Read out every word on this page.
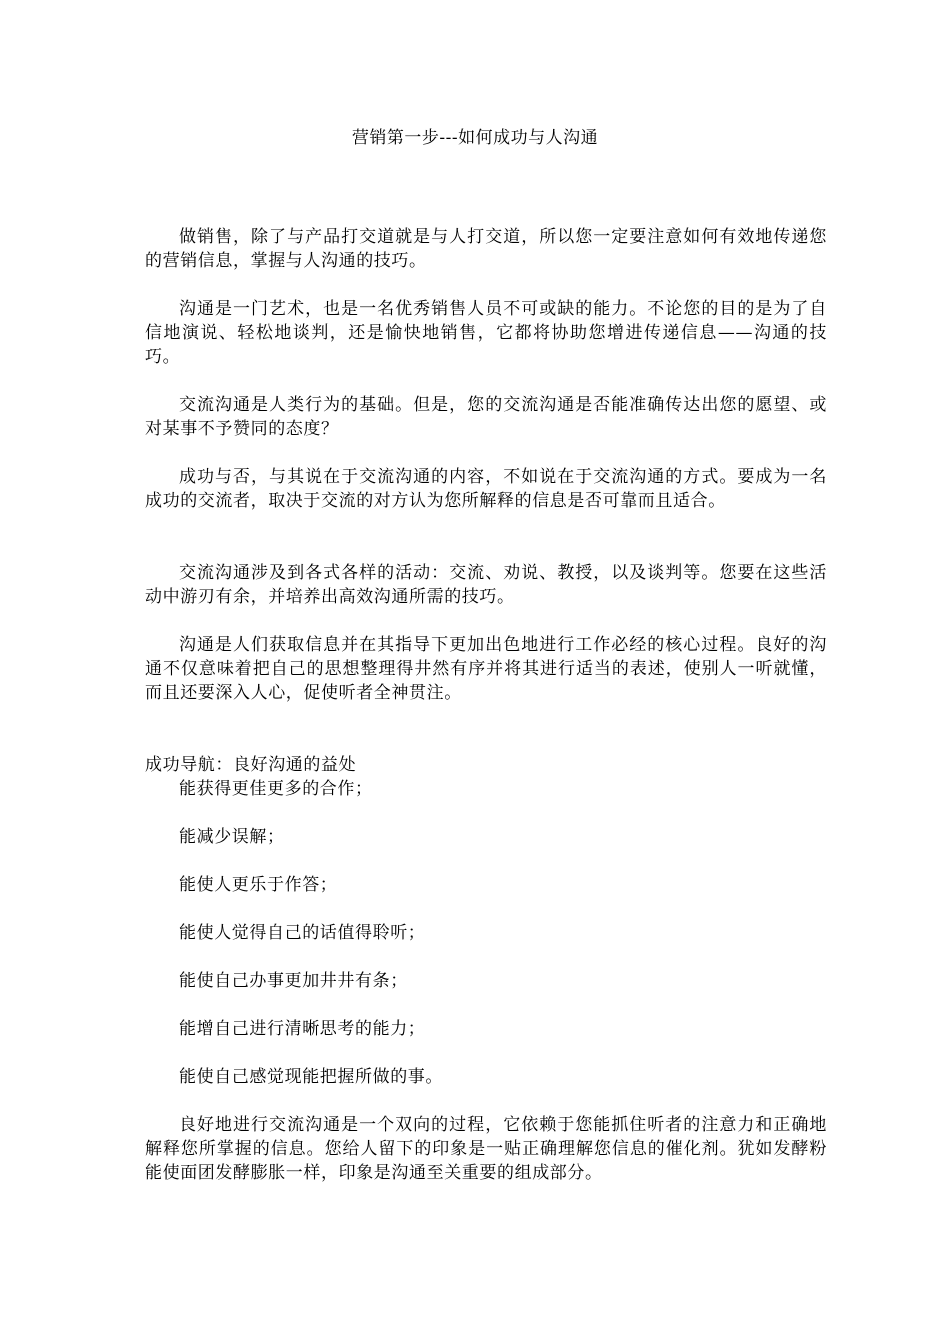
营销第一步---如何成功与人沟通

做销售，除了与产品打交道就是与人打交道，所以您一定要注意如何有效地传递您的营销信息，掌握与人沟通的技巧。

沟通是一门艺术，也是一名优秀销售人员不可或缺的能力。不论您的目的是为了自信地演说、轻松地谈判，还是愉快地销售，它都将协助您增进传递信息——沟通的技巧。

交流沟通是人类行为的基础。但是，您的交流沟通是否能准确传达出您的愿望、或对某事不予赞同的态度？

成功与否，与其说在于交流沟通的内容，不如说在于交流沟通的方式。要成为一名成功的交流者，取决于交流的对方认为您所解释的信息是否可靠而且适合。

交流沟通涉及到各式各样的活动：交流、劝说、教授，以及谈判等。您要在这些活动中游刃有余，并培养出高效沟通所需的技巧。

沟通是人们获取信息并在其指导下更加出色地进行工作必经的核心过程。良好的沟通不仅意味着把自己的思想整理得井然有序并将其进行适当的表述，使别人一听就懂，而且还要深入人心，促使听者全神贯注。

成功导航：良好沟通的益处

能获得更佳更多的合作；

能减少误解；

能使人更乐于作答；

能使人觉得自己的话值得聆听；

能使自己办事更加井井有条；

能增自己进行清晰思考的能力；

能使自己感觉现能把握所做的事。

良好地进行交流沟通是一个双向的过程，它依赖于您能抓住听者的注意力和正确地解释您所掌握的信息。您给人留下的印象是一贴正确理解您信息的催化剂。犹如发酵粉能使面团发酵膨胀一样，印象是沟通至关重要的组成部分。
